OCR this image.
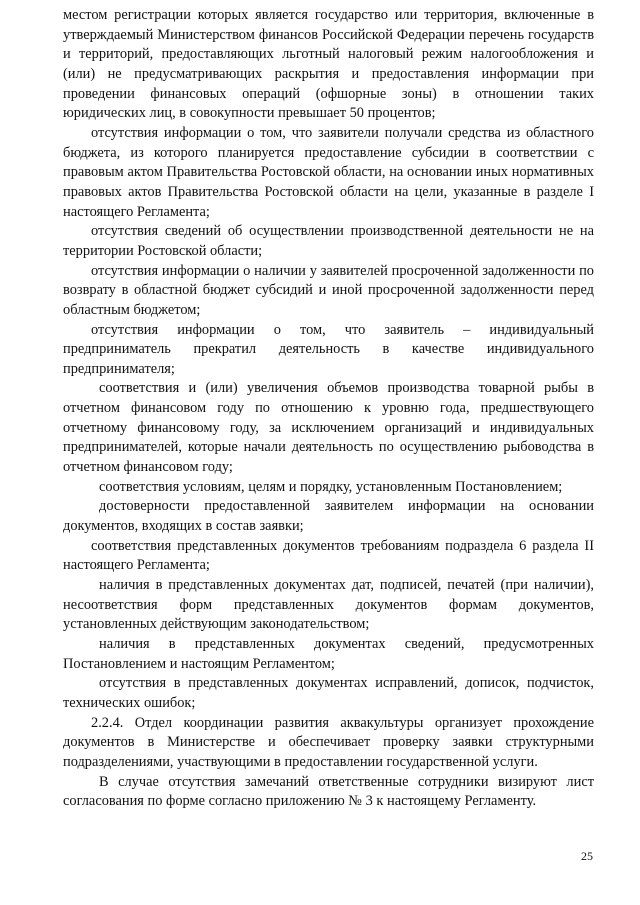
местом регистрации которых является государство или территория, включенные в утверждаемый Министерством финансов Российской Федерации перечень государств и территорий, предоставляющих льготный налоговый режим налогообложения и (или) не предусматривающих раскрытия и предоставления информации при проведении финансовых операций (офшорные зоны) в отношении таких юридических лиц, в совокупности превышает 50 процентов;

отсутствия информации о том, что заявители получали средства из областного бюджета, из которого планируется предоставление субсидии в соответствии с правовым актом Правительства Ростовской области, на основании иных нормативных правовых актов Правительства Ростовской области на цели, указанные в разделе I настоящего Регламента;

отсутствия сведений об осуществлении производственной деятельности не на территории Ростовской области;

отсутствия информации о наличии у заявителей просроченной задолженности по возврату в областной бюджет субсидий и иной просроченной задолженности перед областным бюджетом;

отсутствия информации о том, что заявитель – индивидуальный предприниматель прекратил деятельность в качестве индивидуального предпринимателя;

соответствия и (или) увеличения объемов производства товарной рыбы в отчетном финансовом году по отношению к уровню года, предшествующего отчетному финансовому году, за исключением организаций и индивидуальных предпринимателей, которые начали деятельность по осуществлению рыбоводства в отчетном финансовом году;

соответствия условиям, целям и порядку, установленным Постановлением;

достоверности предоставленной заявителем информации на основании документов, входящих в состав заявки;

соответствия представленных документов требованиям подраздела 6 раздела II настоящего Регламента;

наличия в представленных документах дат, подписей, печатей (при наличии), несоответствия форм представленных документов формам документов, установленных действующим законодательством;

наличия в представленных документах сведений, предусмотренных Постановлением и настоящим Регламентом;

отсутствия в представленных документах исправлений, дописок, подчисток, технических ошибок;

2.2.4. Отдел координации развития аквакультуры организует прохождение документов в Министерстве и обеспечивает проверку заявки структурными подразделениями, участвующими в предоставлении государственной услуги.

В случае отсутствия замечаний ответственные сотрудники визируют лист согласования по форме согласно приложению № 3 к настоящему Регламенту.

25
